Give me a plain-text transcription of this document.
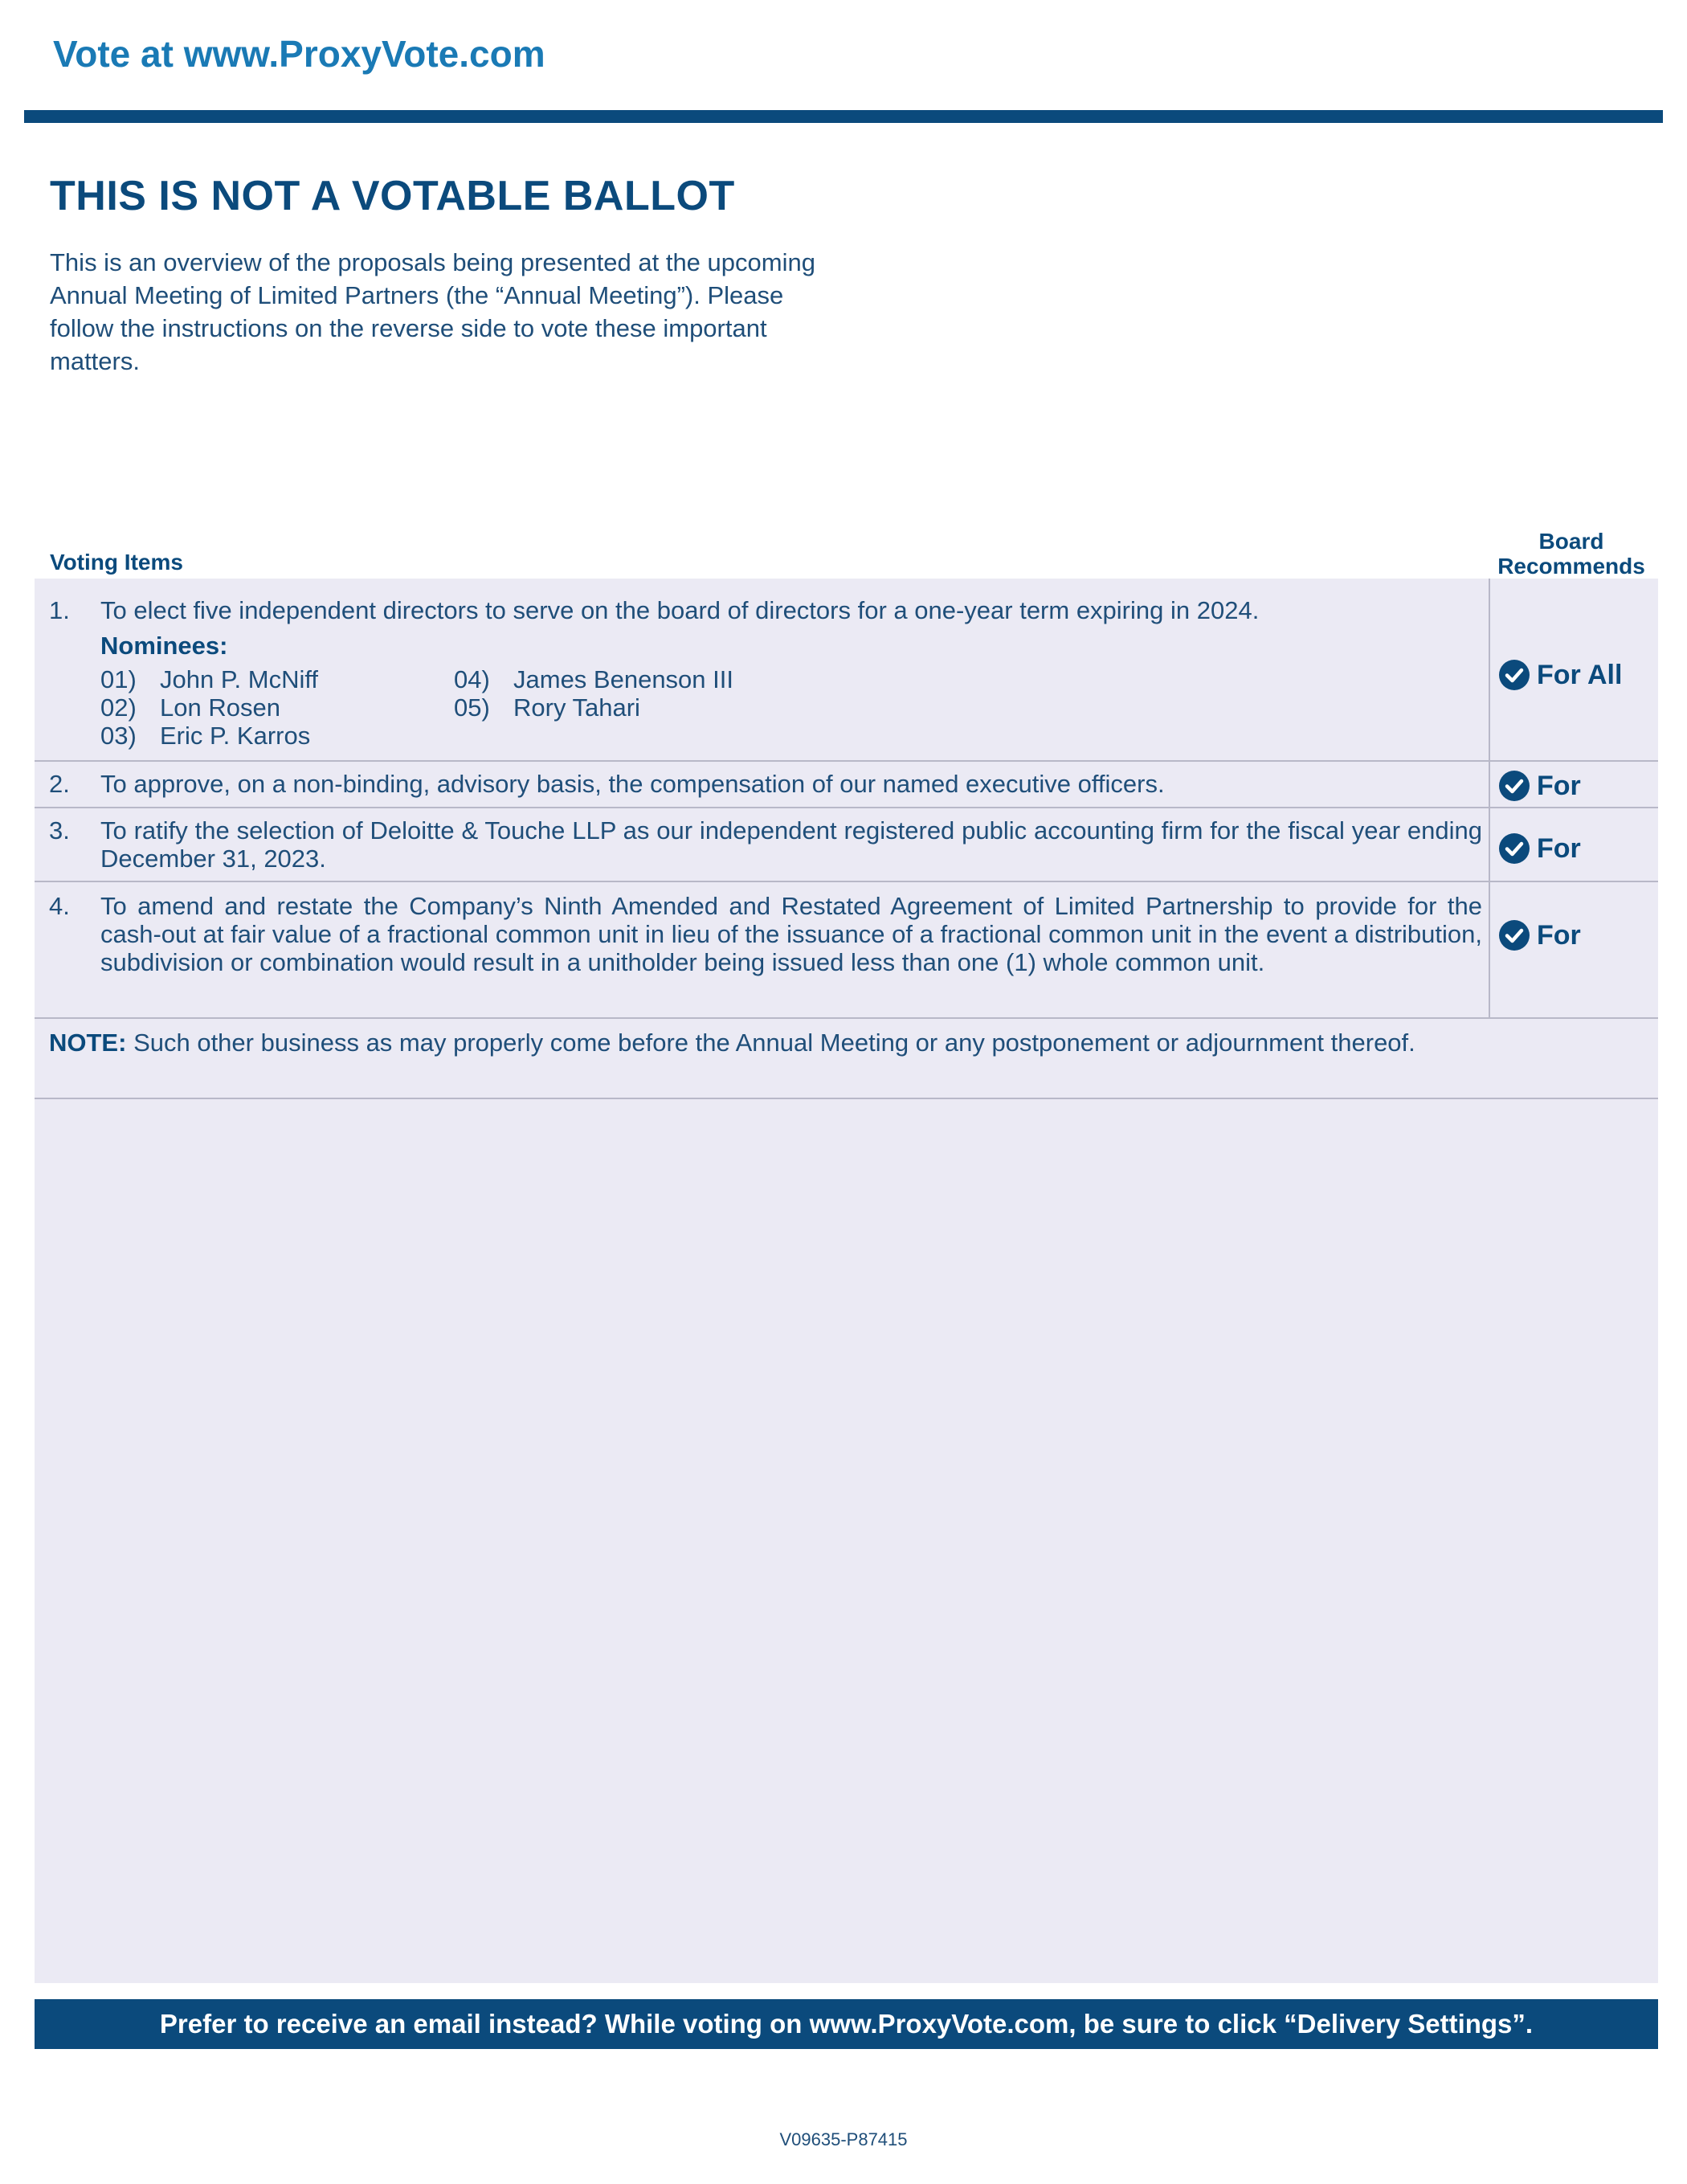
Vote at www.ProxyVote.com
THIS IS NOT A VOTABLE BALLOT

This is an overview of the proposals being presented at the upcoming Annual Meeting of Limited Partners (the “Annual Meeting”). Please follow the instructions on the reverse side to vote these important matters.

Voting Items
Board
Recommends
1. To elect five independent directors to serve on the board of directors for a one-year term expiring in 2024.
Nominees:
01) John P. McNiff
02) Lon Rosen
03) Eric P. Karros
04) James Benenson III
05) Rory Tahari
For All
2. To approve, on a non-binding, advisory basis, the compensation of our named executive officers.	For
3. To ratify the selection of Deloitte & Touche LLP as our independent registered public accounting firm for the fiscal year ending December 31, 2023.	For
4. To amend and restate the Company’s Ninth Amended and Restated Agreement of Limited Partnership to provide for the cash-out at fair value of a fractional common unit in lieu of the issuance of a fractional common unit in the event a distribution, subdivision or combination would result in a unitholder being issued less than one (1) whole common unit.
For

NOTE: Such other business as may properly come before the Annual Meeting or any postponement or adjournment thereof.

Prefer to receive an email instead? While voting on www.ProxyVote.com, be sure to click “Delivery Settings”.
V09635-P87415
